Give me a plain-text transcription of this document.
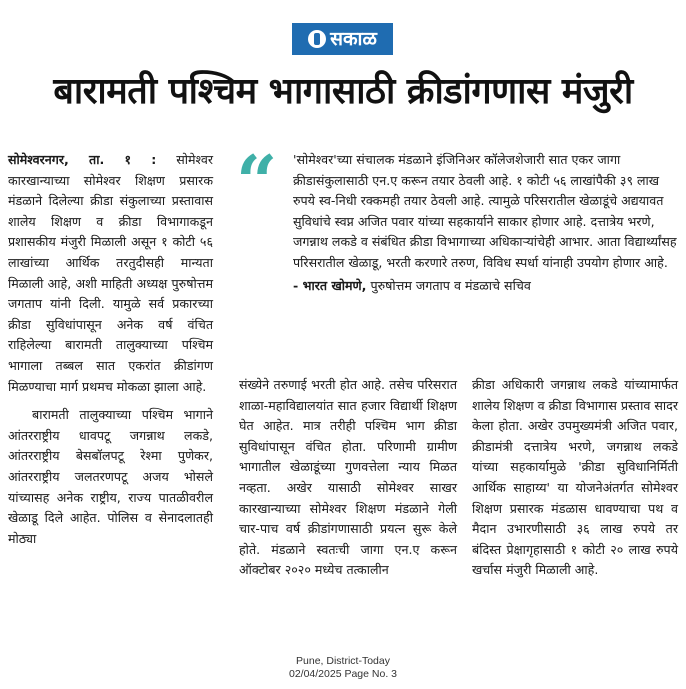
सकाळ
बारामती पश्‍चिम भागासाठी क्रीडांगणास मंजुरी

सोमेश्वरनगर, ता. १ : सोमेश्वर कारखान्याच्या सोमेश्वर शिक्षण प्रसारक मंडळाने दिलेल्या क्रीडा संकुलाच्या प्रस्तावास शालेय शिक्षण व क्रीडा विभागाकडून प्रशासकीय मंजुरी मिळाली असून १ कोटी ५६ लाखांच्या आर्थिक तरतुदीसही मान्यता मिळाली आहे, अशी माहिती अध्यक्ष पुरुषोत्तम जगताप यांनी दिली. यामुळे सर्व प्रकारच्या क्रीडा सुविधांपासून अनेक वर्ष वंचित राहिलेल्या बारामती तालुक्याच्या पश्चिम भागाला तब्बल सात एकरांत क्रीडांगण मिळण्याचा मार्ग प्रथमच मोकळा झाला आहे.

बारामती तालुक्याच्या पश्चिम भागाने आंतरराष्ट्रीय धावपटू जगन्नाथ लकडे, आंतरराष्ट्रीय बेसबॉलपटू रेश्मा पुणेकर, आंतरराष्ट्रीय जलतरणपटू अजय भोसले यांच्यासह अनेक राष्ट्रीय, राज्य पातळीवरील खेळाडू दिले आहेत. पोलिस व सेनादलातही मोठ्या

“ 'सोमेश्वर'च्या संचालक मंडळाने इंजिनिअर कॉलेजशेजारी सात एकर जागा क्रीडासंकुलासाठी एन.ए करून तयार ठेवली आहे. १ कोटी ५६ लाखांपैकी ३९ लाख रुपये स्व-निधी रक्कमही तयार ठेवली आहे. त्यामुळे परिसरातील खेळाडूंचे अद्ययावत सुविधांचे स्वप्न अजित पवार यांच्या सहकार्याने साकार होणार आहे. दत्तात्रेय भरणे, जगन्नाथ लकडे व संबंधित क्रीडा विभागाच्या अधिकाऱ्यांचेही आभार. आता विद्यार्थ्यांसह परिसरातील खेळाडू, भरती करणारे तरुण, विविध स्पर्धा यांनाही उपयोग होणार आहे.
- भारत खोमणे, पुरुषोत्तम जगताप व मंडळाचे सचिव

संख्येने तरुणाई भरती होत आहे. तसेच परिसरात शाळा-महाविद्यालयांत सात हजार विद्यार्थी शिक्षण घेत आहेत. मात्र तरीही पश्चिम भाग क्रीडा सुविधांपासून वंचित होता. परिणामी ग्रामीण भागातील खेळाडूंच्या गुणवत्तेला न्याय मिळत नव्हता. अखेर यासाठी सोमेश्वर साखर कारखान्याच्या सोमेश्वर शिक्षण मंडळाने गेली चार-पाच वर्ष क्रीडांगणासाठी प्रयत्न सुरू केले होते. मंडळाने स्वतःची जागा एन.ए करून ऑक्टोबर २०२० मध्येच तत्कालीन

क्रीडा अधिकारी जगन्नाथ लकडे यांच्यामार्फत शालेय शिक्षण व क्रीडा विभागास प्रस्ताव सादर केला होता. अखेर उपमुख्यमंत्री अजित पवार, क्रीडामंत्री दत्तात्रेय भरणे, जगन्नाथ लकडे यांच्या सहकार्यामुळे 'क्रीडा सुविधानिर्मिती आर्थिक साहाय्य' या योजनेअंतर्गत सोमेश्वर शिक्षण प्रसारक मंडळास धावण्याचा पथ व मैदान उभारणीसाठी ३६ लाख रुपये तर बंदिस्त प्रेक्षागृहासाठी १ कोटी २० लाख रुपये खर्चास मंजुरी मिळाली आहे.

Pune, District-Today
02/04/2025 Page No. 3
